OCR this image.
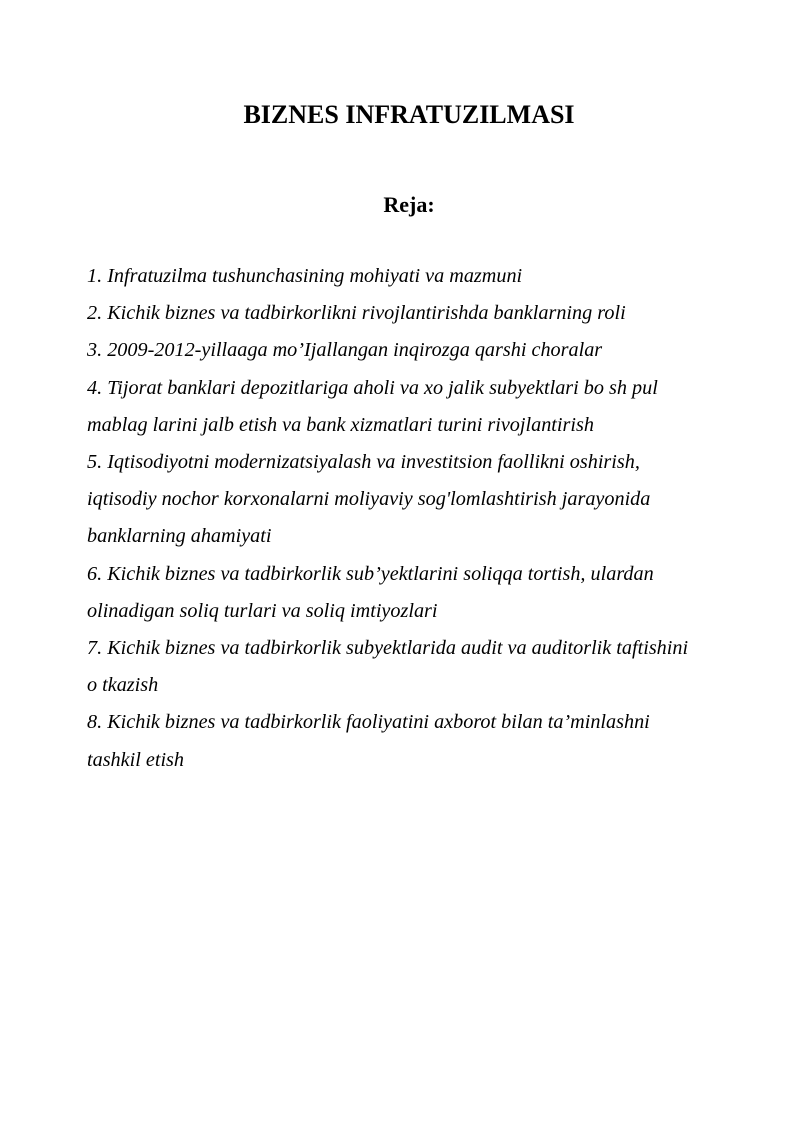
BIZNES INFRATUZILMASI
Reja:
1. Infratuzilma tushunchasining mohiyati va mazmuni
2. Kichik biznes va tadbirkorlikni rivojlantirishda banklarning roli
3. 2009-2012-yillaaga mo’Ijallangan inqirozga qarshi choralar
4. Tijorat banklari depozitlariga aholi va xo jalik subyektlari bo sh pul
mablag larini jalb etish va bank xizmatlari turini rivojlantirish
5. Iqtisodiyotni modernizatsiyalash va investitsion faollikni oshirish,
iqtisodiy nochor korxonalarni moliyaviy sog'lomlashtirish jarayonida
banklarning ahamiyati
6. Kichik biznes va tadbirkorlik sub’yektlarini soliqqa tortish, ulardan
olinadigan soliq turlari va soliq imtiyozlari
7. Kichik biznes va tadbirkorlik subyektlarida audit va auditorlik taftishini
o tkazish
8. Kichik biznes va tadbirkorlik faoliyatini axborot bilan ta’minlashni
tashkil etish
